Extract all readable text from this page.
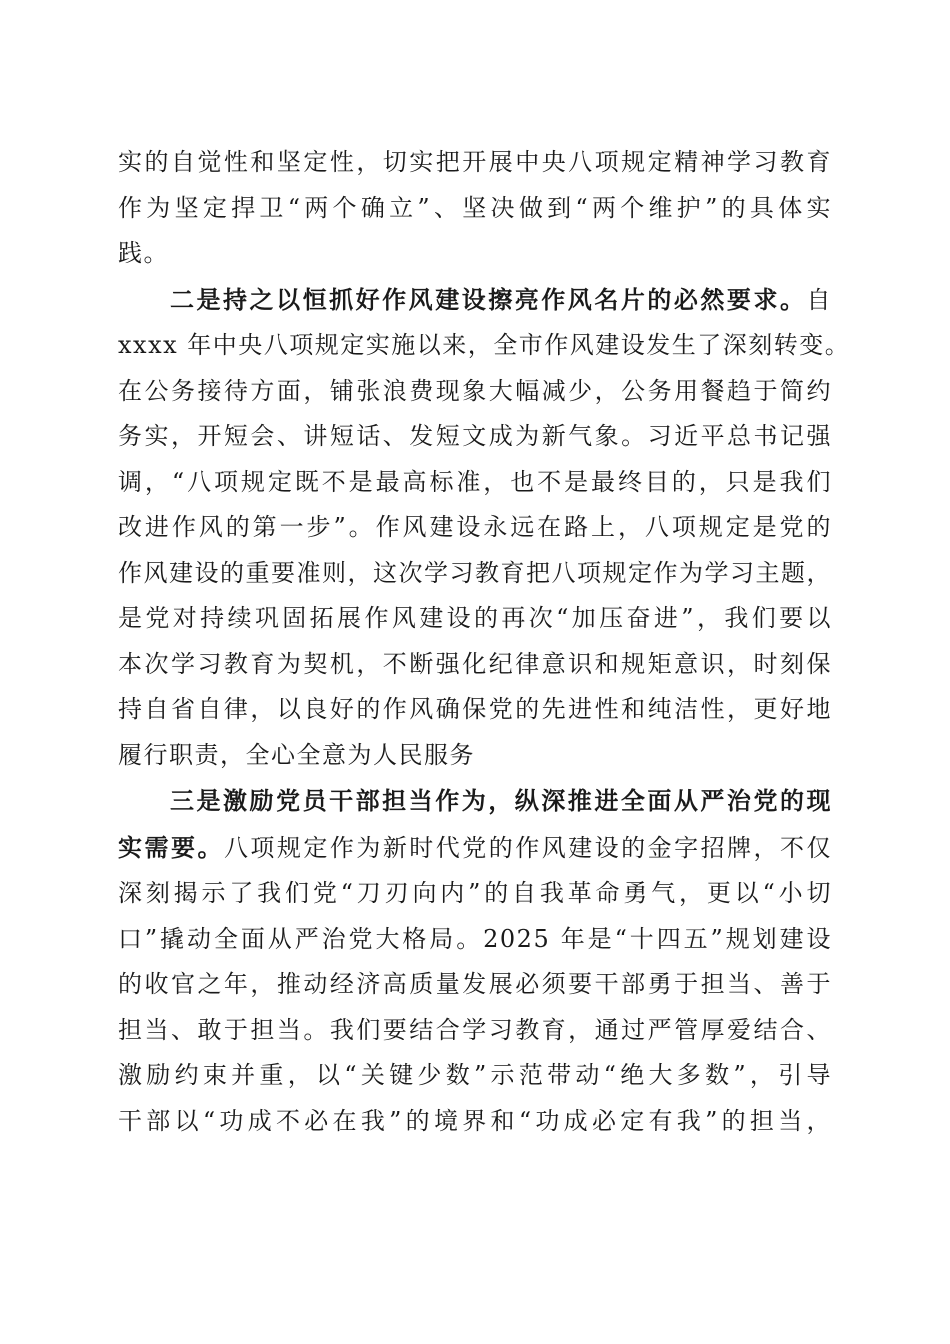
实的自觉性和坚定性，切实把开展中央八项规定精神学习教育
作为坚定捍卫“两个确立”、坚决做到“两个维护”的具体实
践。
二是持之以恒抓好作风建设擦亮作风名片的必然要求。自
xxxx 年中央八项规定实施以来，全市作风建设发生了深刻转变。
在公务接待方面，铺张浪费现象大幅减少，公务用餐趋于简约
务实，开短会、讲短话、发短文成为新气象。习近平总书记强
调，“八项规定既不是最高标准，也不是最终目的，只是我们
改进作风的第一步”。作风建设永远在路上，八项规定是党的
作风建设的重要准则，这次学习教育把八项规定作为学习主题，
是党对持续巩固拓展作风建设的再次“加压奋进”，我们要以
本次学习教育为契机，不断强化纪律意识和规矩意识，时刻保
持自省自律，以良好的作风确保党的先进性和纯洁性，更好地
履行职责，全心全意为人民服务
三是激励党员干部担当作为，纵深推进全面从严治党的现
实需要。八项规定作为新时代党的作风建设的金字招牌，不仅
深刻揭示了我们党“刀刃向内”的自我革命勇气，更以“小切
口”撬动全面从严治党大格局。2025 年是“十四五”规划建设
的收官之年，推动经济高质量发展必须要干部勇于担当、善于
担当、敢于担当。我们要结合学习教育，通过严管厚爱结合、
激励约束并重，以“关键少数”示范带动“绝大多数”，引导
干部以“功成不必在我”的境界和“功成必定有我”的担当，
